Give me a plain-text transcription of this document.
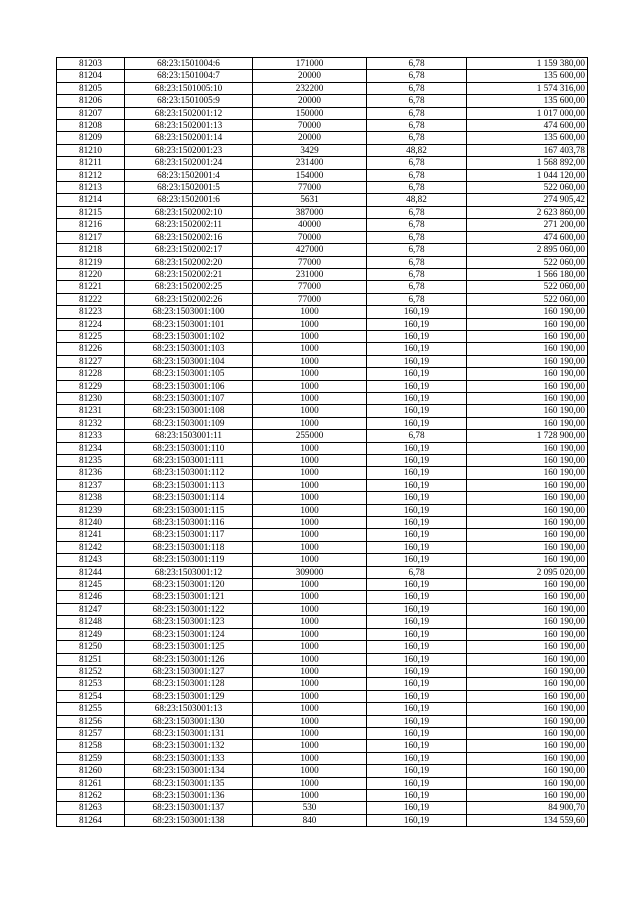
81203	68:23:1501004:6	171000	6,78	1 159 380,00
81204	68:23:1501004:7	20000	6,78	135 600,00
81205	68:23:1501005:10	232200	6,78	1 574 316,00
81206	68:23:1501005:9	20000	6,78	135 600,00
81207	68:23:1502001:12	150000	6,78	1 017 000,00
81208	68:23:1502001:13	70000	6,78	474 600,00
81209	68:23:1502001:14	20000	6,78	135 600,00
81210	68:23:1502001:23	3429	48,82	167 403,78
81211	68:23:1502001:24	231400	6,78	1 568 892,00
81212	68:23:1502001:4	154000	6,78	1 044 120,00
81213	68:23:1502001:5	77000	6,78	522 060,00
81214	68:23:1502001:6	5631	48,82	274 905,42
81215	68:23:1502002:10	387000	6,78	2 623 860,00
81216	68:23:1502002:11	40000	6,78	271 200,00
81217	68:23:1502002:16	70000	6,78	474 600,00
81218	68:23:1502002:17	427000	6,78	2 895 060,00
81219	68:23:1502002:20	77000	6,78	522 060,00
81220	68:23:1502002:21	231000	6,78	1 566 180,00
81221	68:23:1502002:25	77000	6,78	522 060,00
81222	68:23:1502002:26	77000	6,78	522 060,00
81223	68:23:1503001:100	1000	160,19	160 190,00
81224	68:23:1503001:101	1000	160,19	160 190,00
81225	68:23:1503001:102	1000	160,19	160 190,00
81226	68:23:1503001:103	1000	160,19	160 190,00
81227	68:23:1503001:104	1000	160,19	160 190,00
81228	68:23:1503001:105	1000	160,19	160 190,00
81229	68:23:1503001:106	1000	160,19	160 190,00
81230	68:23:1503001:107	1000	160,19	160 190,00
81231	68:23:1503001:108	1000	160,19	160 190,00
81232	68:23:1503001:109	1000	160,19	160 190,00
81233	68:23:1503001:11	255000	6,78	1 728 900,00
81234	68:23:1503001:110	1000	160,19	160 190,00
81235	68:23:1503001:111	1000	160,19	160 190,00
81236	68:23:1503001:112	1000	160,19	160 190,00
81237	68:23:1503001:113	1000	160,19	160 190,00
81238	68:23:1503001:114	1000	160,19	160 190,00
81239	68:23:1503001:115	1000	160,19	160 190,00
81240	68:23:1503001:116	1000	160,19	160 190,00
81241	68:23:1503001:117	1000	160,19	160 190,00
81242	68:23:1503001:118	1000	160,19	160 190,00
81243	68:23:1503001:119	1000	160,19	160 190,00
81244	68:23:1503001:12	309000	6,78	2 095 020,00
81245	68:23:1503001:120	1000	160,19	160 190,00
81246	68:23:1503001:121	1000	160,19	160 190,00
81247	68:23:1503001:122	1000	160,19	160 190,00
81248	68:23:1503001:123	1000	160,19	160 190,00
81249	68:23:1503001:124	1000	160,19	160 190,00
81250	68:23:1503001:125	1000	160,19	160 190,00
81251	68:23:1503001:126	1000	160,19	160 190,00
81252	68:23:1503001:127	1000	160,19	160 190,00
81253	68:23:1503001:128	1000	160,19	160 190,00
81254	68:23:1503001:129	1000	160,19	160 190,00
81255	68:23:1503001:13	1000	160,19	160 190,00
81256	68:23:1503001:130	1000	160,19	160 190,00
81257	68:23:1503001:131	1000	160,19	160 190,00
81258	68:23:1503001:132	1000	160,19	160 190,00
81259	68:23:1503001:133	1000	160,19	160 190,00
81260	68:23:1503001:134	1000	160,19	160 190,00
81261	68:23:1503001:135	1000	160,19	160 190,00
81262	68:23:1503001:136	1000	160,19	160 190,00
81263	68:23:1503001:137	530	160,19	84 900,70
81264	68:23:1503001:138	840	160,19	134 559,60
